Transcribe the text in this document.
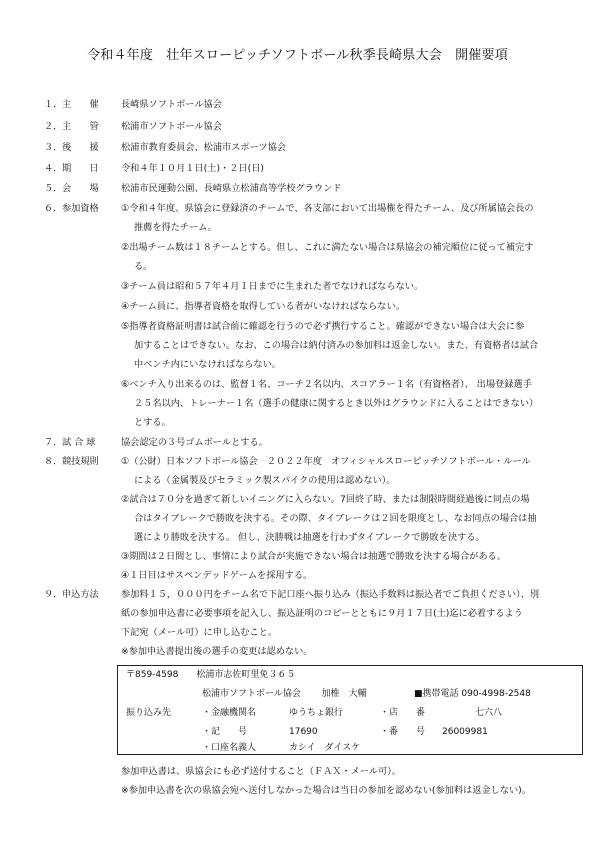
令和４年度　壮年スローピッチソフトボール秋季長崎県大会　開催要項
１． 主　　催 長崎県ソフトボール協会
２． 主　　管 松浦市ソフトボール協会
３． 後　　援 松浦市教育委員会、松浦市スポーツ協会
４． 期　　日 令和４年１０月１日(土)・２日(日)
５． 会　　場 松浦市民運動公園、長崎県立松浦高等学校グラウンド
６． 参加資格 ①令和４年度、県協会に登録済のチームで、各支部において出場権を得たチーム、及び所属協会長の
推薦を得たチーム。
②出場チーム数は１８チームとする。但し、これに満たない場合は県協会の補完順位に従って補完す
る。
③チーム員は昭和５７年４月１日までに生まれた者でなければならない。
④チーム員に、指導者資格を取得している者がいなければならない。
⑤指導者資格証明書は試合前に確認を行うので必ず携行すること。確認ができない場合は大会に参
加することはできない。なお、この場合は納付済みの参加料は返金しない。また、有資格者は試合
中ベンチ内にいなければならない。
⑥ベンチ入り出来るのは、監督１名、コーチ２名以内、スコアラー１名（有資格者）、 出場登録選手
２５名以内、トレーナー１名（選手の健康に関するとき以外はグラウンドに入ることはできない）
とする。
７． 試 合 球	協会認定の３号ゴムボールとする。
８． 競技規則 ①（公財）日本ソフトボール協会　２０２２年度　オフィシャルスローピッチソフトボール・ルール
による（金属製及びセラミック製スパイクの使用は認めない）。
②試合は７０分を過ぎて新しいイニングに入らない。7回終了時、または制限時間経過後に同点の場
合はタイブレークで勝敗を決する。その際、タイブレークは２回を限度とし、なお同点の場合は抽
選により勝敗を決する。 但し、決勝戦は抽選を行わずタイブレークで勝敗を決する。
③期間は２日間とし、事情により試合が実施できない場合は抽選で勝敗を決する場合がある。
④１日目はサスペンデッドゲームを採用する。
９． 申込方法 参加料１５，０００円をチーム名で下記口座へ振り込み（振込手数料は振込者でご負担ください）、別
紙の参加申込書に必要事項を記入し、振込証明のコピーとともに９月１７日(土)迄に必着するよう
下記宛（メール可）に申し込むこと。
※参加申込書提出後の選手の変更は認めない。
〒859-4598　　松浦市志佐町里免３６５
松浦市ソフトボール協会　　 加椎　大輔	■携帯電話 090-4998-2548
振り込み先	・金融機関名	ゆうちょ銀行	・店　　番	七六八
・記　　号	17690	・番　　号 26009981
・口座名義人	カシイ　ダイスケ
参加申込書は、県協会にも必ず送付すること（ＦＡＸ・メール可）。
※参加申込書を次の県協会宛へ送付しなかった場合は当日の参加を認めない(参加料は返金しない)。
